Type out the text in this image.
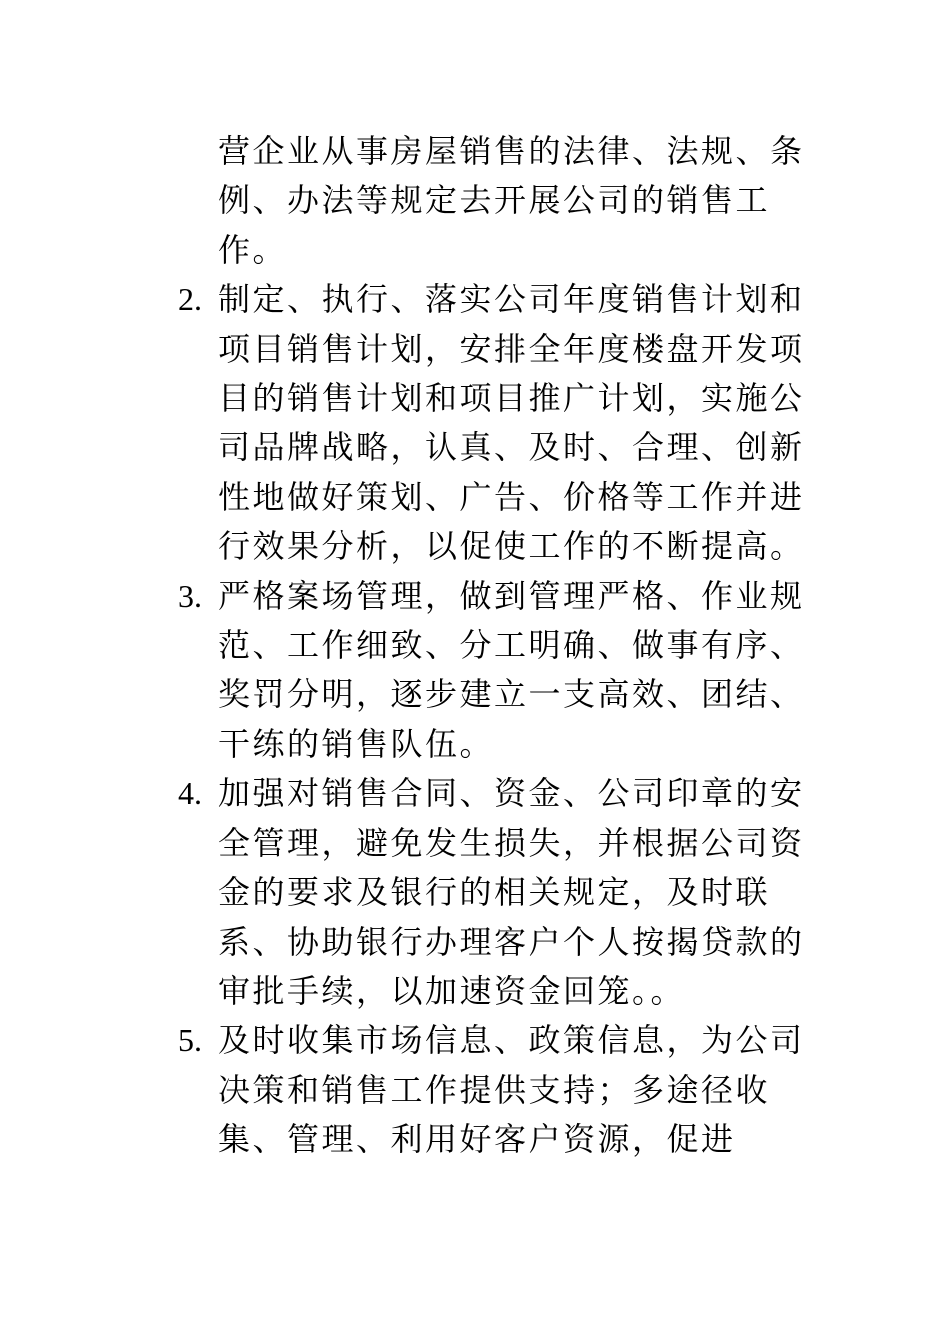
营企业从事房屋销售的法律、法规、条例、办法等规定去开展公司的销售工作。
2. 制定、执行、落实公司年度销售计划和项目销售计划，安排全年度楼盘开发项目的销售计划和项目推广计划，实施公司品牌战略，认真、及时、合理、创新性地做好策划、广告、价格等工作并进行效果分析，以促使工作的不断提高。
3. 严格案场管理，做到管理严格、作业规范、工作细致、分工明确、做事有序、奖罚分明，逐步建立一支高效、团结、干练的销售队伍。
4. 加强对销售合同、资金、公司印章的安全管理，避免发生损失，并根据公司资金的要求及银行的相关规定，及时联系、协助银行办理客户个人按揭贷款的审批手续，以加速资金回笼。。
5. 及时收集市场信息、政策信息，为公司决策和销售工作提供支持；多途径收集、管理、利用好客户资源，促进
